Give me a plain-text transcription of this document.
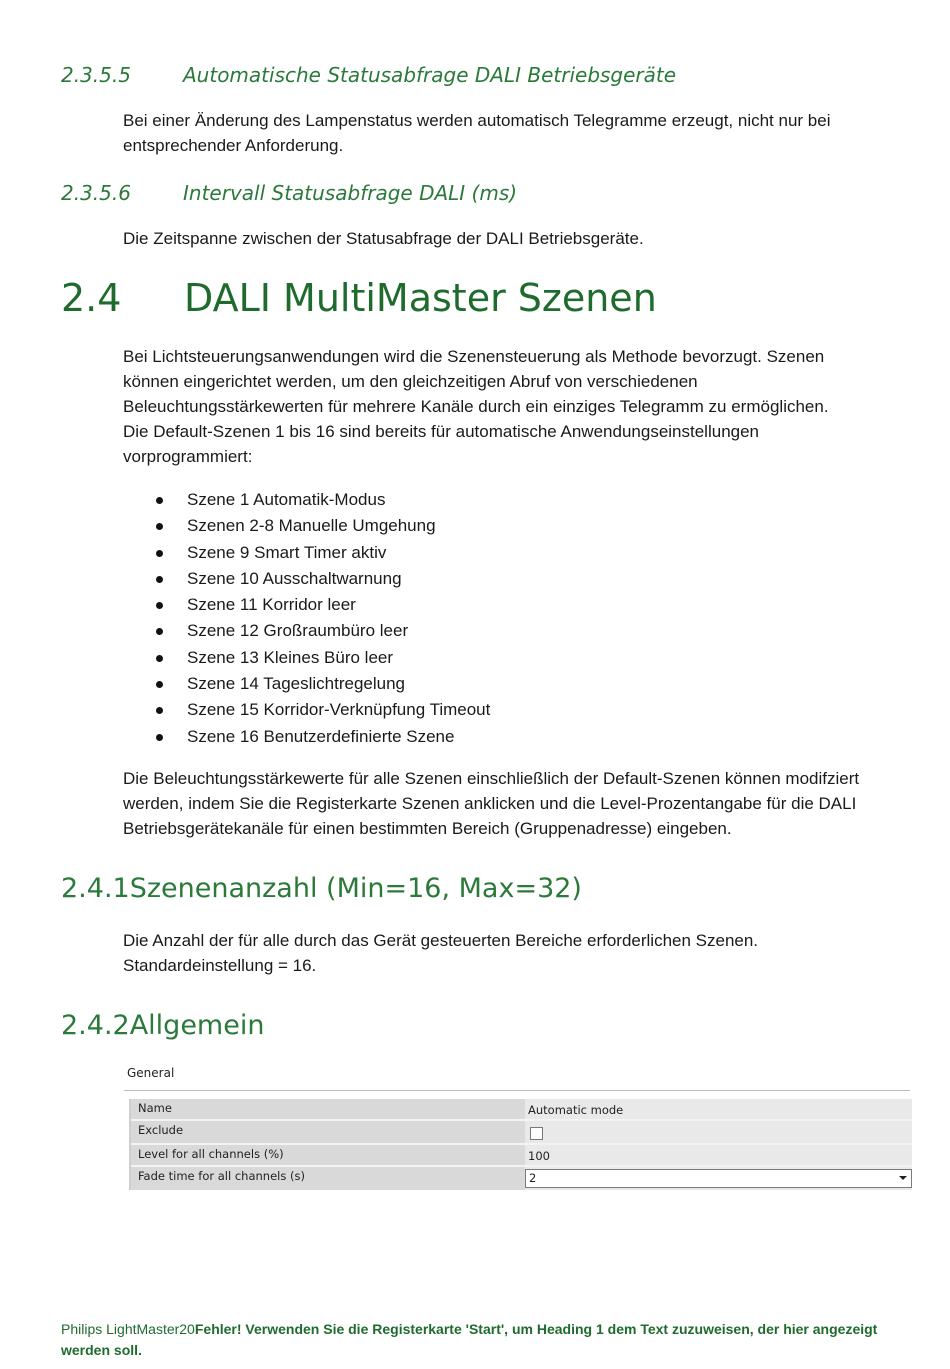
2.3.5.5	Automatische Statusabfrage DALI Betriebsgeräte

Bei einer Änderung des Lampenstatus werden automatisch Telegramme erzeugt, nicht nur bei entsprechender Anforderung.

2.3.5.6	Intervall Statusabfrage DALI (ms)

Die Zeitspanne zwischen der Statusabfrage der DALI Betriebsgeräte.

2.4 DALI MultiMaster Szenen

Bei Lichtsteuerungsanwendungen wird die Szenensteuerung als Methode bevorzugt. Szenen können eingerichtet werden, um den gleichzeitigen Abruf von verschiedenen Beleuchtungsstärkewerten für mehrere Kanäle durch ein einziges Telegramm zu ermöglichen.

Die Default-Szenen 1 bis 16 sind bereits für automatische Anwendungseinstellungen vorprogrammiert:

Szene 1 Automatik-Modus
Szenen 2-8 Manuelle Umgehung
Szene 9 Smart Timer aktiv
Szene 10 Ausschaltwarnung
Szene 11 Korridor leer
Szene 12 Großraumbüro leer
Szene 13 Kleines Büro leer
Szene 14 Tageslichtregelung
Szene 15 Korridor-Verknüpfung Timeout
Szene 16 Benutzerdefinierte Szene

Die Beleuchtungsstärkewerte für alle Szenen einschließlich der Default-Szenen können modifziert werden, indem Sie die Registerkarte Szenen anklicken und die Level-Prozentangabe für die DALI Betriebsgerätekanäle für einen bestimmten Bereich (Gruppenadresse) eingeben.

2.4.1Szenenanzahl (Min=16, Max=32)

Die Anzahl der für alle durch das Gerät gesteuerten Bereiche erforderlichen Szenen.

Standardeinstellung = 16.

2.4.2Allgemein
General
Name	Automatic mode
Exclude
Level for all channels (%)	100
Fade time for all channels (s)	2
Philips LightMaster20Fehler! Verwenden Sie die Registerkarte 'Start', um Heading 1 dem Text zuzuweisen, der hier angezeigt werden soll.
